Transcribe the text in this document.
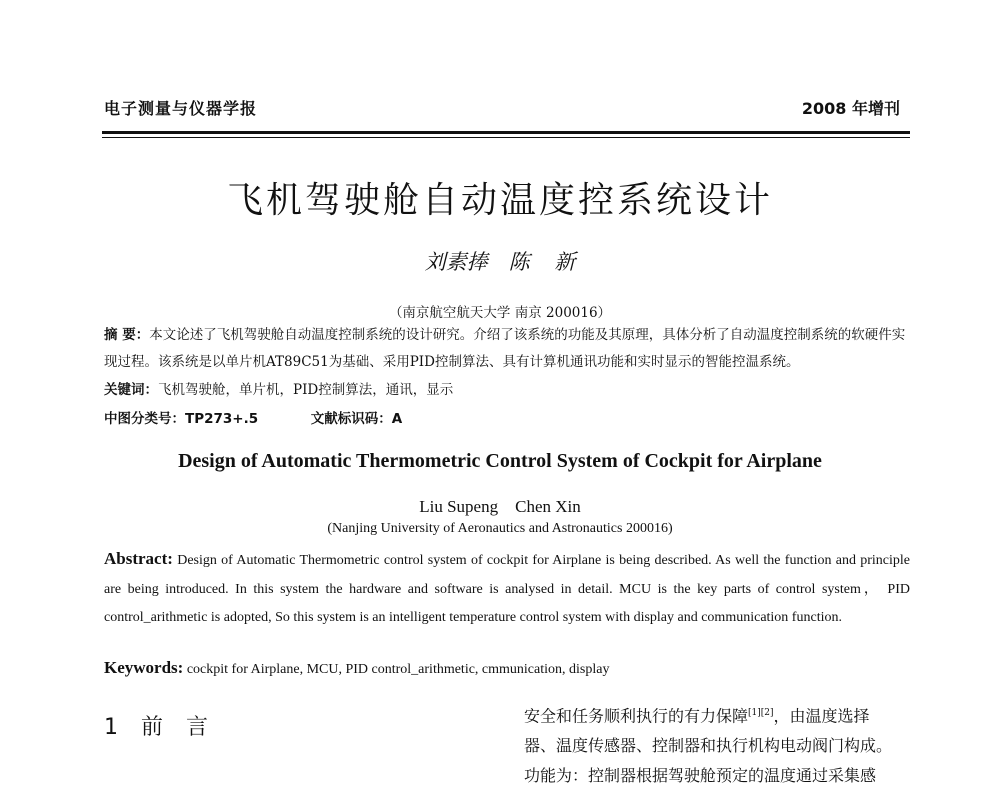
电子测量与仪器学报	2008 年增刊
飞机驾驶舱自动温度控系统设计
刘素捧　陈 新
（南京航空航天大学 南京 200016）
摘 要：本文论述了飞机驾驶舱自动温度控制系统的设计研究。介绍了该系统的功能及其原理，具体分析了自动温度控制系统的软硬件实现过程。该系统是以单片机AT89C51为基础、采用PID控制算法、具有计算机通讯功能和实时显示的智能控温系统。
关键词：飞机驾驶舱，单片机，PID控制算法，通讯，显示
中图分类号：TP273+.5	文献标识码：A
Design of Automatic Thermometric Control System of Cockpit for Airplane
Liu Supeng　Chen Xin
(Nanjing University of Aeronautics and Astronautics 200016)
Abstract: Design of Automatic Thermometric control system of cockpit for Airplane is being described. As well the function and principle are being introduced. In this system the hardware and software is analysed in detail. MCU is the key parts of control system， PID control_arithmetic is adopted, So this system is an intelligent temperature control system with display and communication function.
Keywords: cockpit for Airplane, MCU, PID control_arithmetic, cmmunication, display
1 前 言	安全和任务顺利执行的有力保障[1][2]，由温度选择
器、温度传感器、控制器和执行机构电动阀门构成。
功能为：控制器根据驾驶舱预定的温度通过采集感
